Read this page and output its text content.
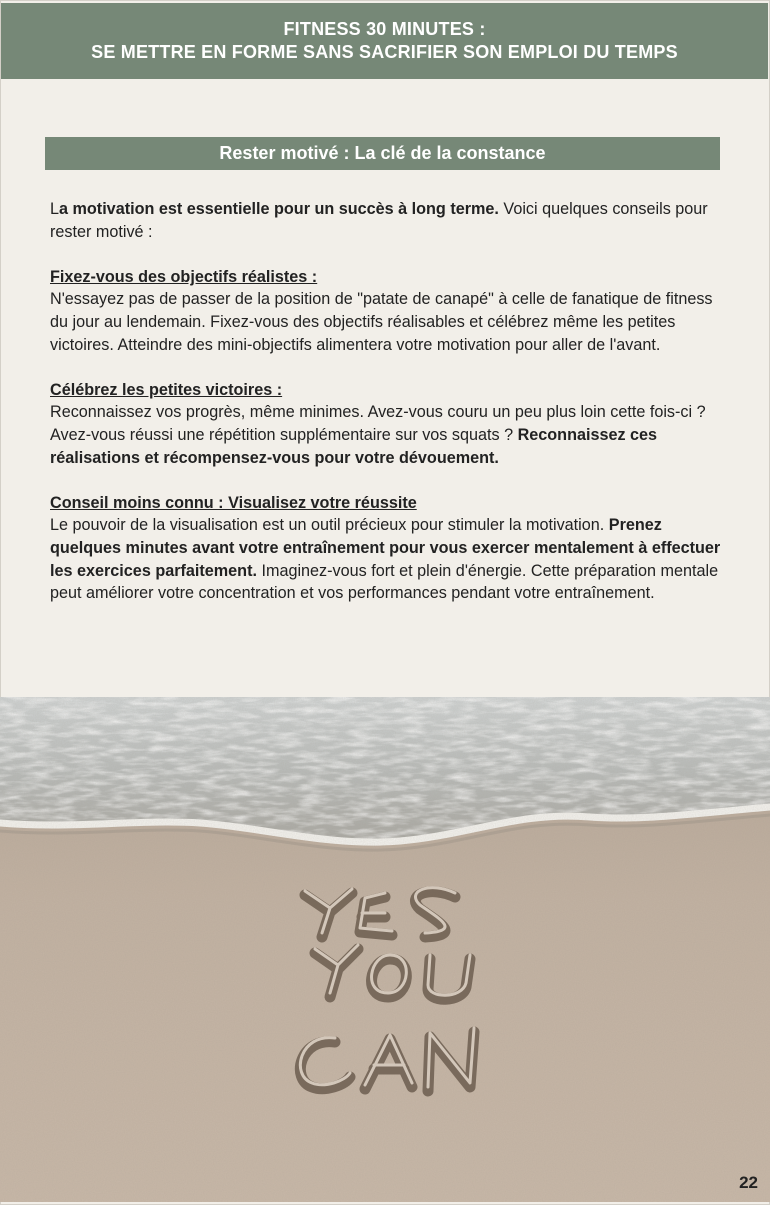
FITNESS 30 MINUTES :
SE METTRE EN FORME SANS SACRIFIER SON EMPLOI DU TEMPS
Rester motivé : La clé de la constance

La motivation est essentielle pour un succès à long terme. Voici quelques conseils pour rester motivé :

Fixez-vous des objectifs réalistes :

N'essayez pas de passer de la position de "patate de canapé" à celle de fanatique de fitness du jour au lendemain. Fixez-vous des objectifs réalisables et célébrez même les petites victoires. Atteindre des mini-objectifs alimentera votre motivation pour aller de l'avant.

Célébrez les petites victoires :

Reconnaissez vos progrès, même minimes. Avez-vous couru un peu plus loin cette fois-ci ? Avez-vous réussi une répétition supplémentaire sur vos squats ? Reconnaissez ces réalisations et récompensez-vous pour votre dévouement.

Conseil moins connu : Visualisez votre réussite

Le pouvoir de la visualisation est un outil précieux pour stimuler la motivation. Prenez quelques minutes avant votre entraînement pour vous exercer mentalement à effectuer les exercices parfaitement. Imaginez-vous fort et plein d'énergie. Cette préparation mentale peut améliorer votre concentration et vos performances pendant votre entraînement.

22
